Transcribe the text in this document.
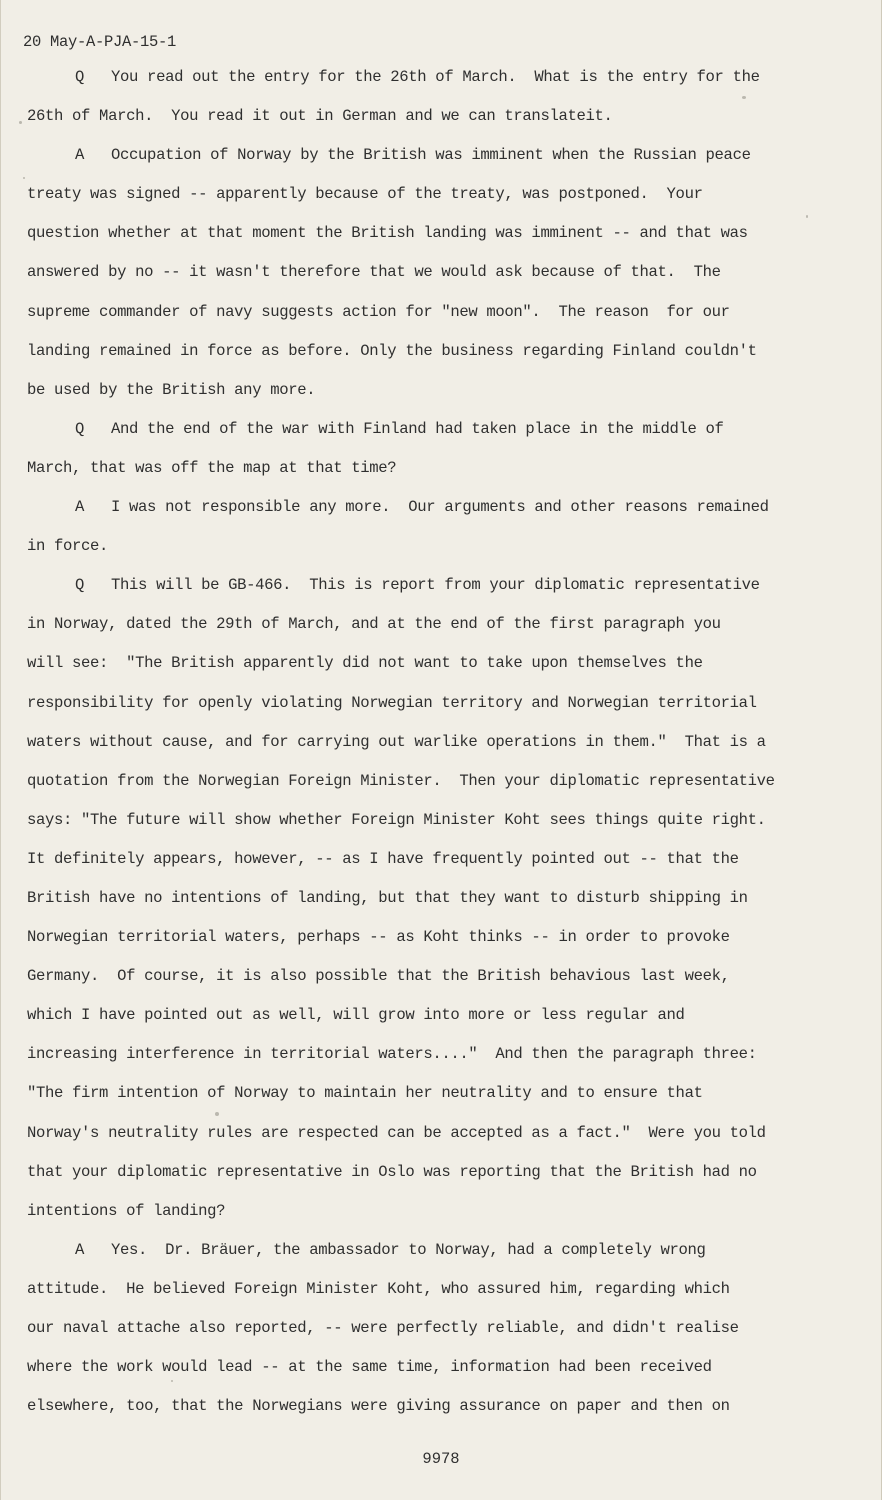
20 May-A-PJA-15-1
Q   You read out the entry for the 26th of March.  What is the entry for the
26th of March.  You read it out in German and we can translateit.
A   Occupation of Norway by the British was imminent when the Russian peace
treaty was signed -- apparently because of the treaty, was postponed.  Your
question whether at that moment the British landing was imminent -- and that was
answered by no -- it wasn't therefore that we would ask because of that.  The
supreme commander of navy suggests action for "new moon".  The reason  for our
landing remained in force as before. Only the business regarding Finland couldn't
be used by the British any more.
Q   And the end of the war with Finland had taken place in the middle of
March, that was off the map at that time?
A   I was not responsible any more.  Our arguments and other reasons remained
in force.
Q   This will be GB-466.  This is report from your diplomatic representative
in Norway, dated the 29th of March, and at the end of the first paragraph you
will see:  "The British apparently did not want to take upon themselves the
responsibility for openly violating Norwegian territory and Norwegian territorial
waters without cause, and for carrying out warlike operations in them."  That is a
quotation from the Norwegian Foreign Minister.  Then your diplomatic representative
says: "The future will show whether Foreign Minister Koht sees things quite right.
It definitely appears, however, -- as I have frequently pointed out -- that the
British have no intentions of landing, but that they want to disturb shipping in
Norwegian territorial waters, perhaps -- as Koht thinks -- in order to provoke
Germany.  Of course, it is also possible that the British behavious last week,
which I have pointed out as well, will grow into more or less regular and
increasing interference in territorial waters...."  And then the paragraph three:
"The firm intention of Norway to maintain her neutrality and to ensure that
Norway's neutrality rules are respected can be accepted as a fact."  Were you told
that your diplomatic representative in Oslo was reporting that the British had no
intentions of landing?
A   Yes.  Dr. Bräuer, the ambassador to Norway, had a completely wrong
attitude.  He believed Foreign Minister Koht, who assured him, regarding which
our naval attache also reported, -- were perfectly reliable, and didn't realise
where the work would lead -- at the same time, information had been received
elsewhere, too, that the Norwegians were giving assurance on paper and then on
9978
